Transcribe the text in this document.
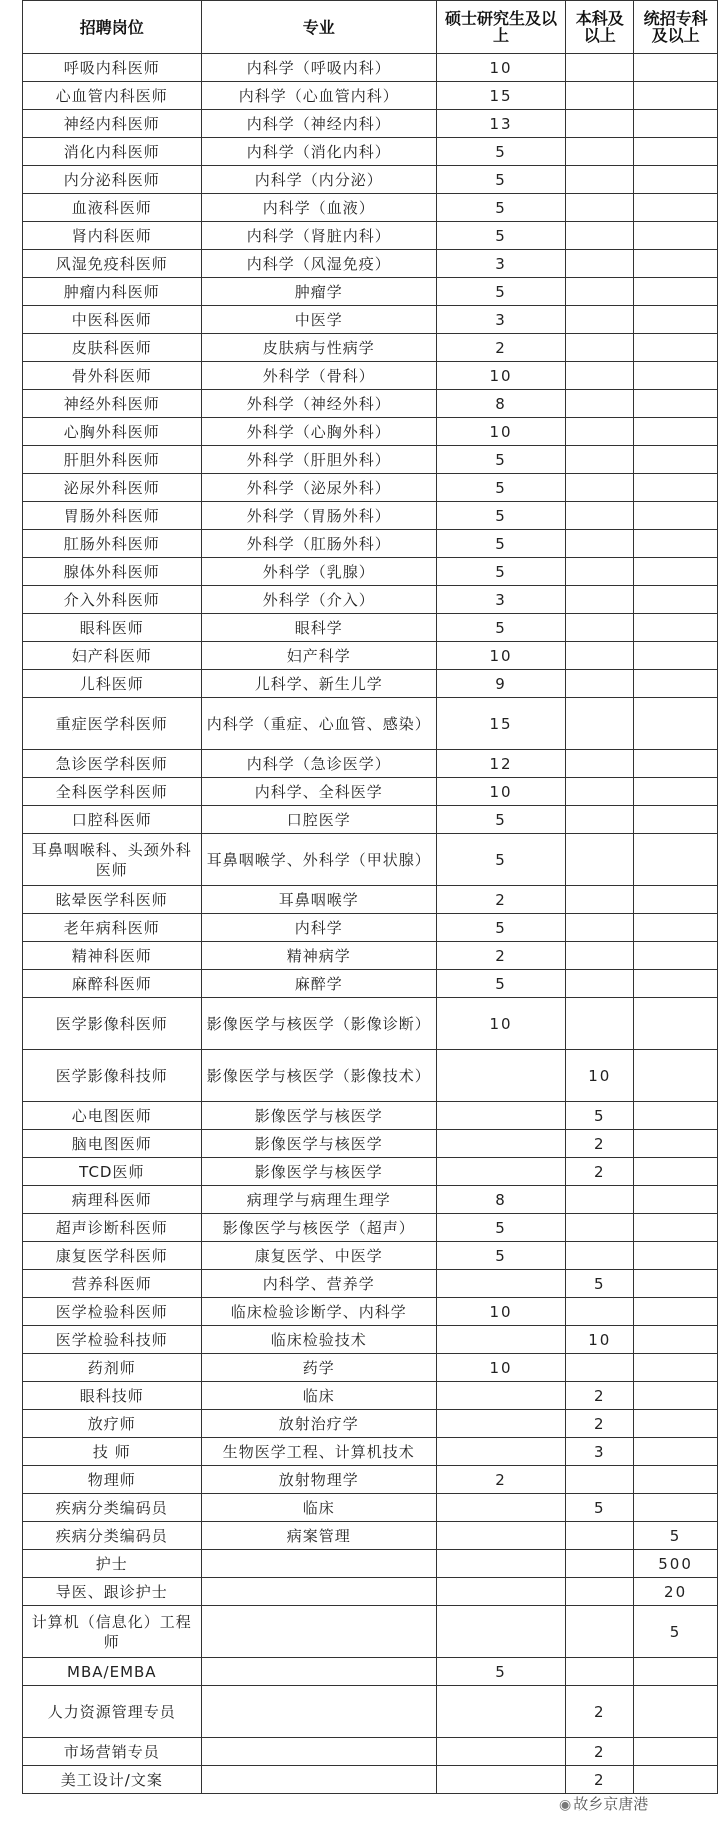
招聘岗位	专业	硕士研究生及以上	本科及以上	统招专科及以上
呼吸内科医师	内科学（呼吸内科）	10		
心血管内科医师	内科学（心血管内科）	15		
神经内科医师	内科学（神经内科）	13		
消化内科医师	内科学（消化内科）	5		
内分泌科医师	内科学（内分泌）	5		
血液科医师	内科学（血液）	5		
肾内科医师	内科学（肾脏内科）	5		
风湿免疫科医师	内科学（风湿免疫）	3		
肿瘤内科医师	肿瘤学	5		
中医科医师	中医学	3		
皮肤科医师	皮肤病与性病学	2		
骨外科医师	外科学（骨科）	10		
神经外科医师	外科学（神经外科）	8		
心胸外科医师	外科学（心胸外科）	10		
肝胆外科医师	外科学（肝胆外科）	5		
泌尿外科医师	外科学（泌尿外科）	5		
胃肠外科医师	外科学（胃肠外科）	5		
肛肠外科医师	外科学（肛肠外科）	5		
腺体外科医师	外科学（乳腺）	5		
介入外科医师	外科学（介入）	3		
眼科医师	眼科学	5		
妇产科医师	妇产科学	10		
儿科医师	儿科学、新生儿学	9		
重症医学科医师	内科学（重症、心血管、感染）	15		
急诊医学科医师	内科学（急诊医学）	12		
全科医学科医师	内科学、全科医学	10		
口腔科医师	口腔医学	5		
耳鼻咽喉科、头颈外科医师	耳鼻咽喉学、外科学（甲状腺）	5		
眩晕医学科医师	耳鼻咽喉学	2		
老年病科医师	内科学	5		
精神科医师	精神病学	2		
麻醉科医师	麻醉学	5		
医学影像科医师	影像医学与核医学（影像诊断）	10		
医学影像科技师	影像医学与核医学（影像技术）		10	
心电图医师	影像医学与核医学		5	
脑电图医师	影像医学与核医学		2	
TCD医师	影像医学与核医学		2	
病理科医师	病理学与病理生理学	8		
超声诊断科医师	影像医学与核医学（超声）	5		
康复医学科医师	康复医学、中医学	5		
营养科医师	内科学、营养学		5	
医学检验科医师	临床检验诊断学、内科学	10		
医学检验科技师	临床检验技术		10	
药剂师	药学	10		
眼科技师	临床		2	
放疗师	放射治疗学		2	
技 师	生物医学工程、计算机技术		3	
物理师	放射物理学	2		
疾病分类编码员	临床		5	
疾病分类编码员	病案管理			5
护士				500
导医、跟诊护士				20
计算机（信息化）工程师				5
MBA/EMBA		5		
人力资源管理专员			2	
市场营销专员			2	
美工设计/文案			2	
◉ 故乡京唐港
